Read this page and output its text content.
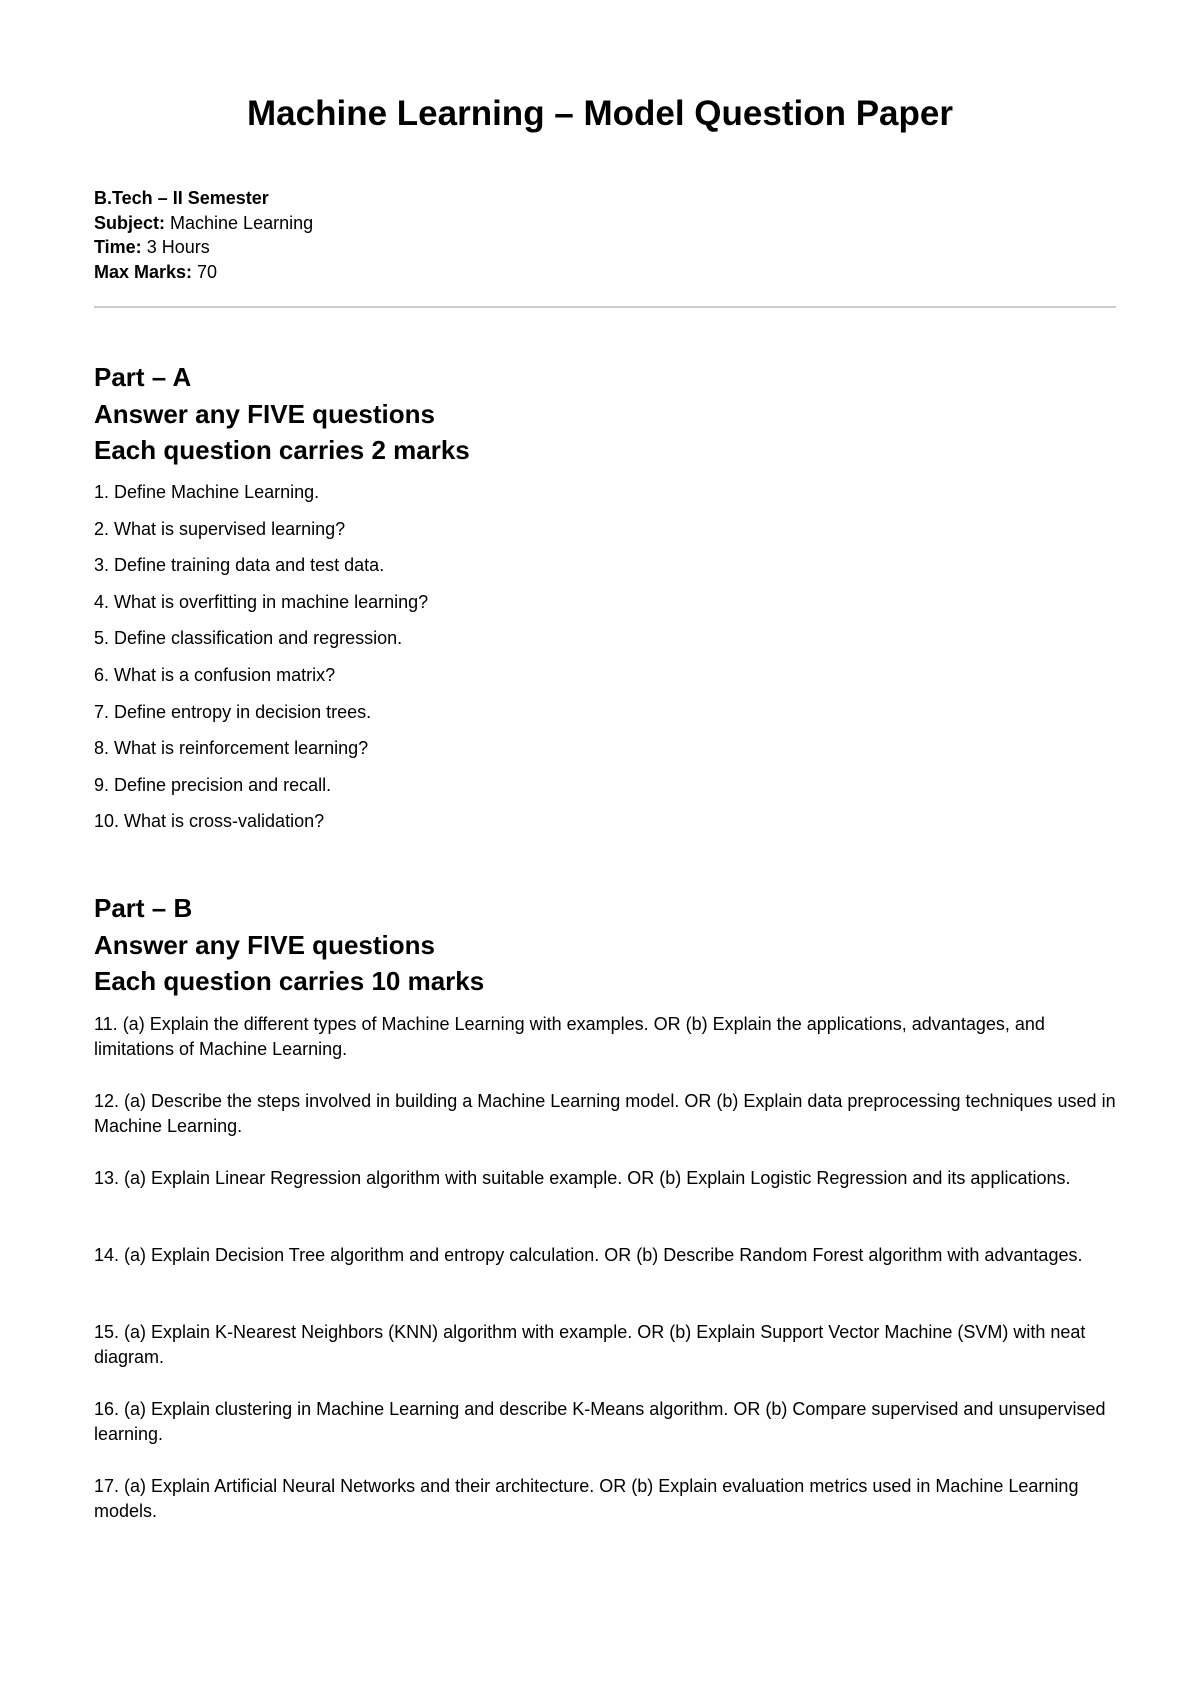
Machine Learning – Model Question Paper
B.Tech – II Semester
Subject: Machine Learning
Time: 3 Hours
Max Marks: 70
Part – A
Answer any FIVE questions
Each question carries 2 marks
1. Define Machine Learning.
2. What is supervised learning?
3. Define training data and test data.
4. What is overfitting in machine learning?
5. Define classification and regression.
6. What is a confusion matrix?
7. Define entropy in decision trees.
8. What is reinforcement learning?
9. Define precision and recall.
10. What is cross-validation?
Part – B
Answer any FIVE questions
Each question carries 10 marks
11. (a) Explain the different types of Machine Learning with examples. OR (b) Explain the applications, advantages, and limitations of Machine Learning.
12. (a) Describe the steps involved in building a Machine Learning model. OR (b) Explain data preprocessing techniques used in Machine Learning.
13. (a) Explain Linear Regression algorithm with suitable example. OR (b) Explain Logistic Regression and its applications.
14. (a) Explain Decision Tree algorithm and entropy calculation. OR (b) Describe Random Forest algorithm with advantages.
15. (a) Explain K-Nearest Neighbors (KNN) algorithm with example. OR (b) Explain Support Vector Machine (SVM) with neat diagram.
16. (a) Explain clustering in Machine Learning and describe K-Means algorithm. OR (b) Compare supervised and unsupervised learning.
17. (a) Explain Artificial Neural Networks and their architecture. OR (b) Explain evaluation metrics used in Machine Learning models.
